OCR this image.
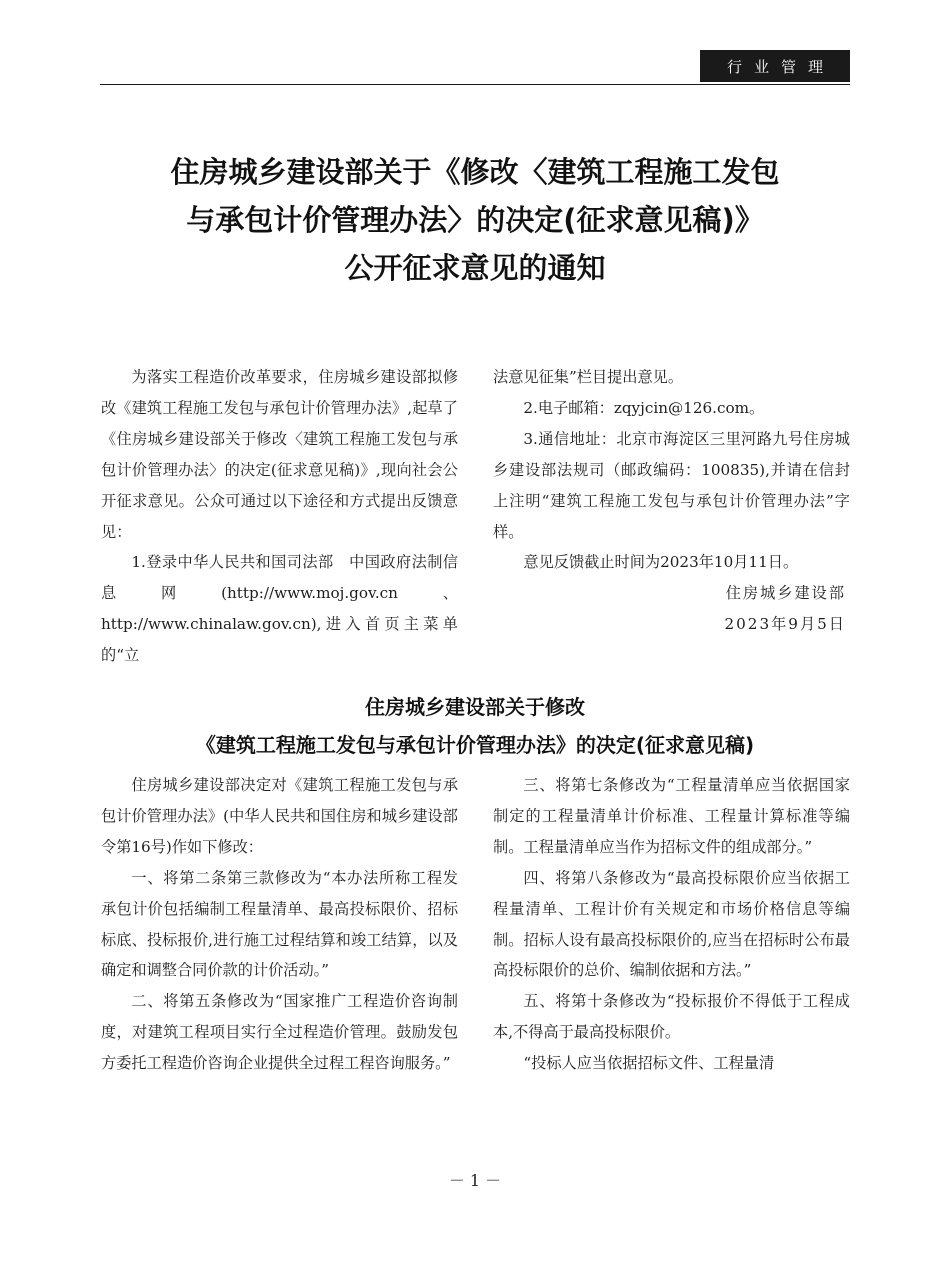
行业管理
住房城乡建设部关于《修改〈建筑工程施工发包
与承包计价管理办法〉的决定(征求意见稿)》
公开征求意见的通知

为落实工程造价改革要求，住房城乡建设部拟修改《建筑工程施工发包与承包计价管理办法》,起草了《住房城乡建设部关于修改〈建筑工程施工发包与承包计价管理办法〉的决定(征求意见稿)》,现向社会公开征求意见。公众可通过以下途径和方式提出反馈意见：

1.登录中华人民共和国司法部　中国政府法制信息网(http://www.moj.gov.cn、http://www.chinalaw.gov.cn),进入首页主菜单的“立

法意见征集”栏目提出意见。

2.电子邮箱：zqyjcin@126.com。

3.通信地址：北京市海淀区三里河路九号住房城乡建设部法规司（邮政编码：100835),并请在信封上注明“建筑工程施工发包与承包计价管理办法”字样。

意见反馈截止时间为2023年10月11日。

住房城乡建设部

2023年9月5日

住房城乡建设部关于修改
《建筑工程施工发包与承包计价管理办法》的决定(征求意见稿)

住房城乡建设部决定对《建筑工程施工发包与承包计价管理办法》(中华人民共和国住房和城乡建设部令第16号)作如下修改：

一、将第二条第三款修改为“本办法所称工程发承包计价包括编制工程量清单、最高投标限价、招标标底、投标报价,进行施工过程结算和竣工结算，以及确定和调整合同价款的计价活动。”

二、将第五条修改为“国家推广工程造价咨询制度，对建筑工程项目实行全过程造价管理。鼓励发包方委托工程造价咨询企业提供全过程工程咨询服务。”

三、将第七条修改为“工程量清单应当依据国家制定的工程量清单计价标准、工程量计算标准等编制。工程量清单应当作为招标文件的组成部分。”

四、将第八条修改为“最高投标限价应当依据工程量清单、工程计价有关规定和市场价格信息等编制。招标人设有最高投标限价的,应当在招标时公布最高投标限价的总价、编制依据和方法。”

五、将第十条修改为“投标报价不得低于工程成本,不得高于最高投标限价。

“投标人应当依据招标文件、工程量清

－ 1 －
